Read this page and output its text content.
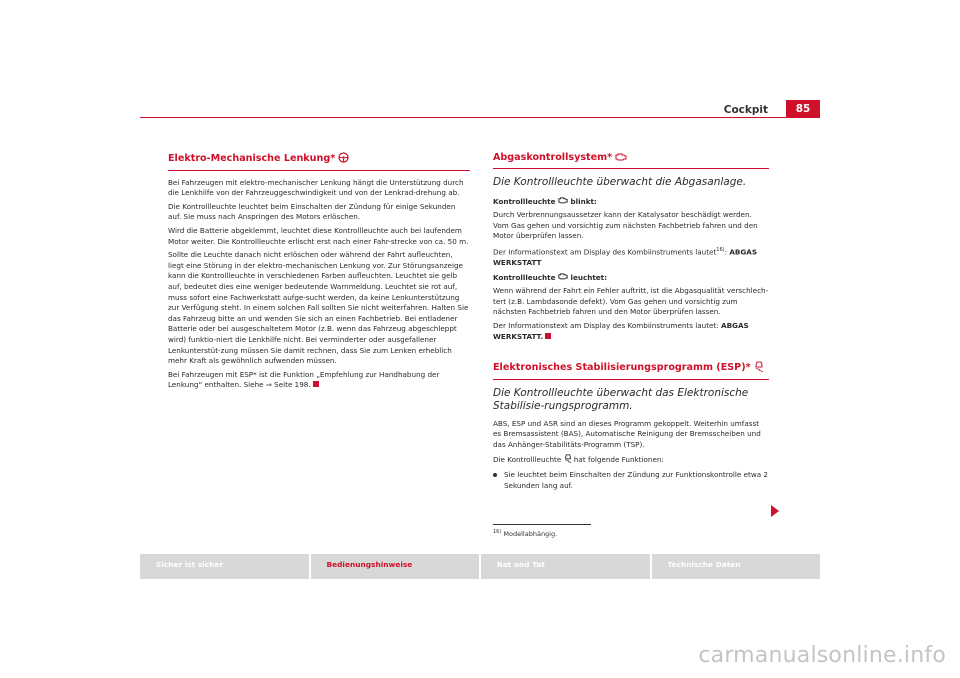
Cockpit	85
Elektro-Mechanische Lenkung*

Bei Fahrzeugen mit elektro-mechanischer Lenkung hängt die Unterstützung durch die Lenkhilfe von der Fahrzeuggeschwindigkeit und von der Lenkrad-drehung ab.

Die Kontrollleuchte leuchtet beim Einschalten der Zündung für einige Sekunden auf. Sie muss nach Anspringen des Motors erlöschen.

Wird die Batterie abgeklemmt, leuchtet diese Kontrollleuchte auch bei laufendem Motor weiter. Die Kontrollleuchte erlischt erst nach einer Fahr-strecke von ca. 50 m.

Sollte die Leuchte danach nicht erlöschen oder während der Fahrt aufleuchten, liegt eine Störung in der elektro-mechanischen Lenkung vor. Zur Störungsanzeige kann die Kontrollleuchte in verschiedenen Farben aufleuchten. Leuchtet sie gelb auf, bedeutet dies eine weniger bedeutende Warnmeldung. Leuchtet sie rot auf, muss sofort eine Fachwerkstatt aufge-sucht werden, da keine Lenkunterstützung zur Verfügung steht. In einem solchen Fall sollten Sie nicht weiterfahren. Halten Sie das Fahrzeug bitte an und wenden Sie sich an einen Fachbetrieb. Bei entladener Batterie oder bei ausgeschaltetem Motor (z.B. wenn das Fahrzeug abgeschleppt wird) funktio-niert die Lenkhilfe nicht. Bei verminderter oder ausgefallener Lenkunterstüt-zung müssen Sie damit rechnen, dass Sie zum Lenken erheblich mehr Kraft als gewöhnlich aufwenden müssen.

Bei Fahrzeugen mit ESP* ist die Funktion „Empfehlung zur Handhabung der Lenkung“ enthalten. Siehe ⇒ Seite 198.

Abgaskontrollsystem*
Die Kontrollleuchte überwacht die Abgasanlage.

Kontrollleuchte blinkt:

Durch Verbrennungsaussetzer kann der Katalysator beschädigt werden. Vom Gas gehen und vorsichtig zum nächsten Fachbetrieb fahren und den Motor überprüfen lassen.

Der Informationstext am Display des Kombiinstruments lautet$^{16)}$: ABGAS WERKSTATT

Kontrollleuchte leuchtet:

Wenn während der Fahrt ein Fehler auftritt, ist die Abgasqualität verschlech-tert (z.B. Lambdasonde defekt). Vom Gas gehen und vorsichtig zum nächsten Fachbetrieb fahren und den Motor überprüfen lassen.

Der Informationstext am Display des Kombiinstruments lautet: ABGAS WERKSTATT.

Elektronisches Stabilisierungsprogramm (ESP)*
Die Kontrollleuchte überwacht das Elektronische Stabilisie-rungsprogramm.

ABS, ESP und ASR sind an dieses Programm gekoppelt. Weiterhin umfasst es Bremsassistent (BAS), Automatische Reinigung der Bremsscheiben und das Anhänger-Stabilitäts-Programm (TSP).

Die Kontrollleuchte hat folgende Funktionen:

Sie leuchtet beim Einschalten der Zündung zur Funktionskontrolle etwa 2 Sekunden lang auf.
$^{16)}$ Modellabhängig.
Sicher ist sicher	Bedienungshinweise	Rat und Tat	Technische Daten
carmanualsonline.info
